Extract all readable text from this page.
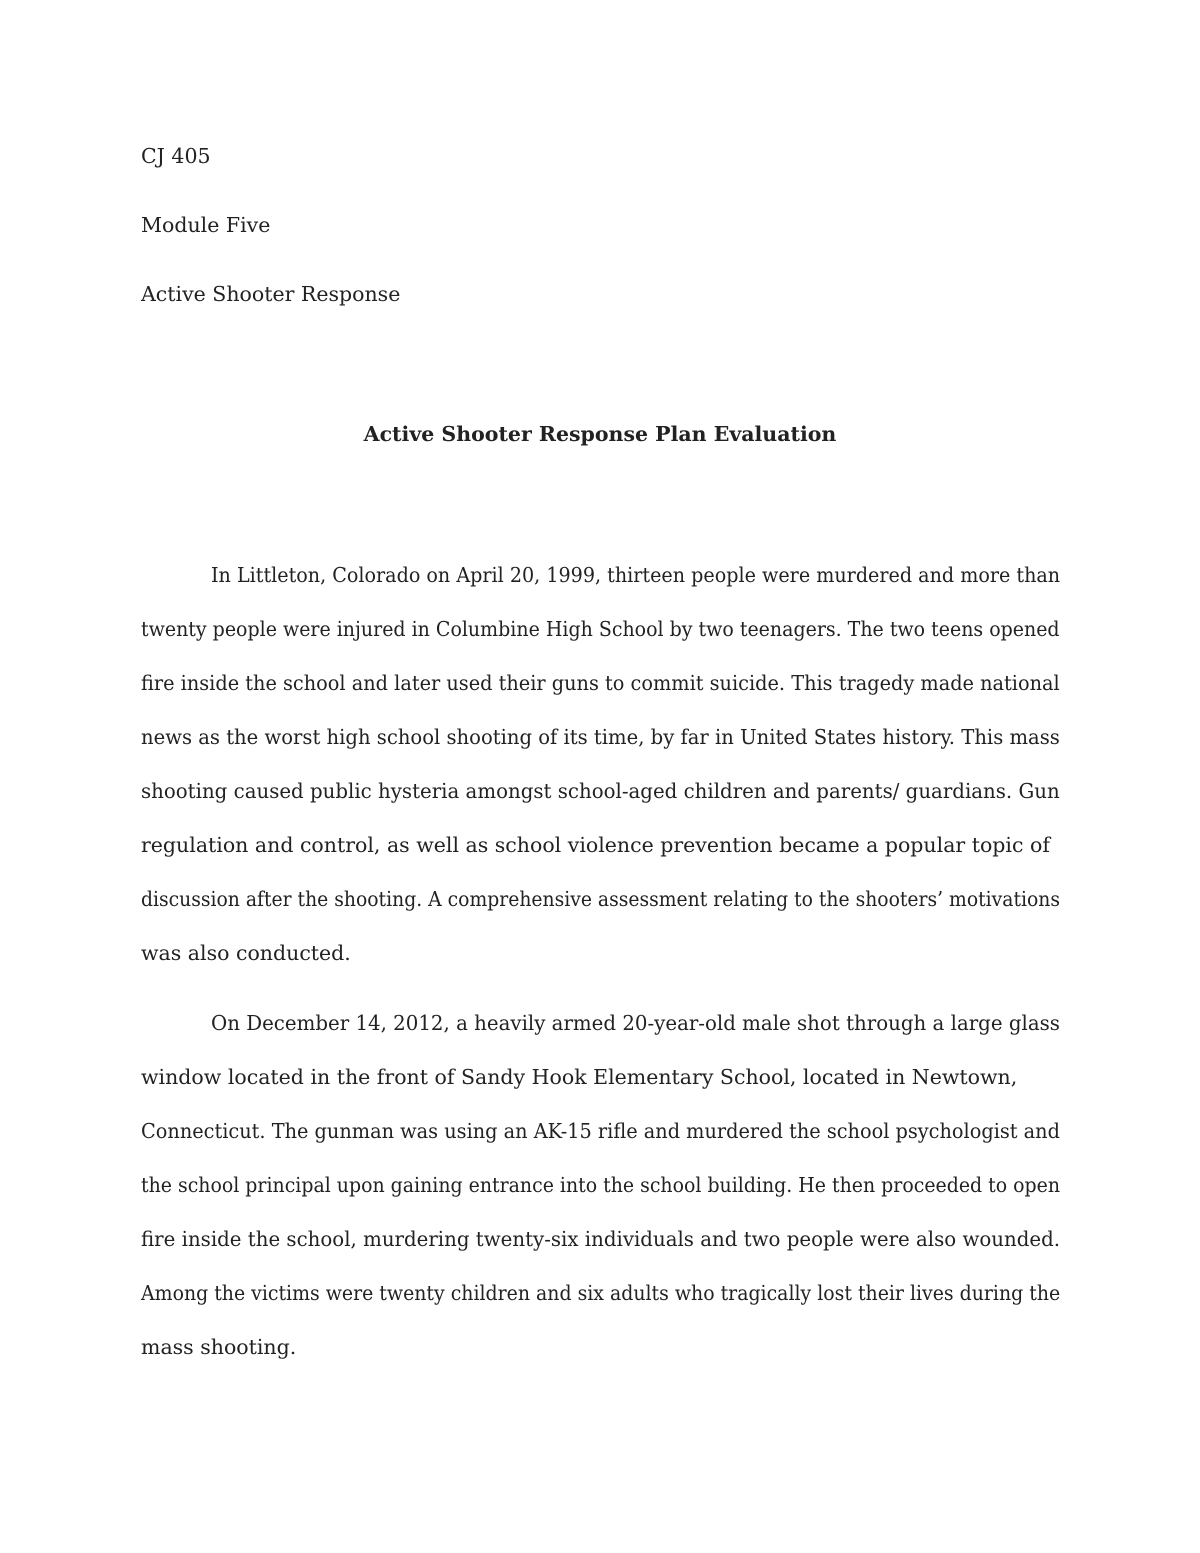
CJ 405
Module Five
Active Shooter Response
Active Shooter Response Plan Evaluation
In Littleton, Colorado on April 20, 1999, thirteen people were murdered and more than
twenty people were injured in Columbine High School by two teenagers. The two teens opened
fire inside the school and later used their guns to commit suicide. This tragedy made national
news as the worst high school shooting of its time, by far in United States history. This mass
shooting caused public hysteria amongst school-aged children and parents/ guardians. Gun
regulation and control, as well as school violence prevention became a popular topic of
discussion after the shooting. A comprehensive assessment relating to the shooters’ motivations
was also conducted.
On December 14, 2012, a heavily armed 20-year-old male shot through a large glass
window located in the front of Sandy Hook Elementary School, located in Newtown,
Connecticut. The gunman was using an AK-15 rifle and murdered the school psychologist and
the school principal upon gaining entrance into the school building. He then proceeded to open
fire inside the school, murdering twenty-six individuals and two people were also wounded.
Among the victims were twenty children and six adults who tragically lost their lives during the
mass shooting.
